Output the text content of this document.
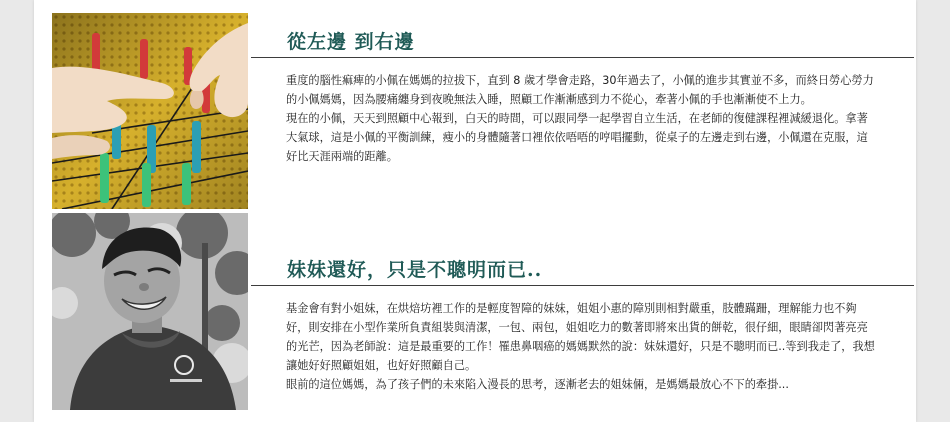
從左邊 到右邊

重度的腦性痲痺的小佩在媽媽的拉拔下，直到 8 歲才學會走路，30年過去了，小佩的進步其實並不多，而終日勞心勞力的小佩媽媽，因為腰痛纏身到夜晚無法入睡，照顧工作漸漸感到力不從心，牽著小佩的手也漸漸使不上力。

現在的小佩，天天到照顧中心報到，白天的時間，可以跟同學一起學習自立生活，在老師的復健課程裡減緩退化。拿著大氣球，這是小佩的平衡訓練，瘦小的身體隨著口裡依依唔唔的哼唱擺動，從桌子的左邊走到右邊，小佩還在克服，這好比天涯兩端的距離。

妹妹還好，只是不聰明而已..

基金會有對小姐妹，在烘焙坊裡工作的是輕度智障的妹妹，姐姐小惠的障別則相對嚴重，肢體蹣跚，理解能力也不夠好，則安排在小型作業所負責組裝與清潔，一包、兩包，姐姐吃力的數著即將來出貨的餅乾，很仔細，眼睛卻閃著亮亮的光芒，因為老師說：這是最重要的工作！罹患鼻咽癌的媽媽默然的說：妹妹還好，只是不聰明而已..等到我走了，我想讓她好好照顧姐姐，也好好照顧自己。

眼前的這位媽媽，為了孩子們的未來陷入漫長的思考，逐漸老去的姐妹倆，是媽媽最放心不下的牽掛...
